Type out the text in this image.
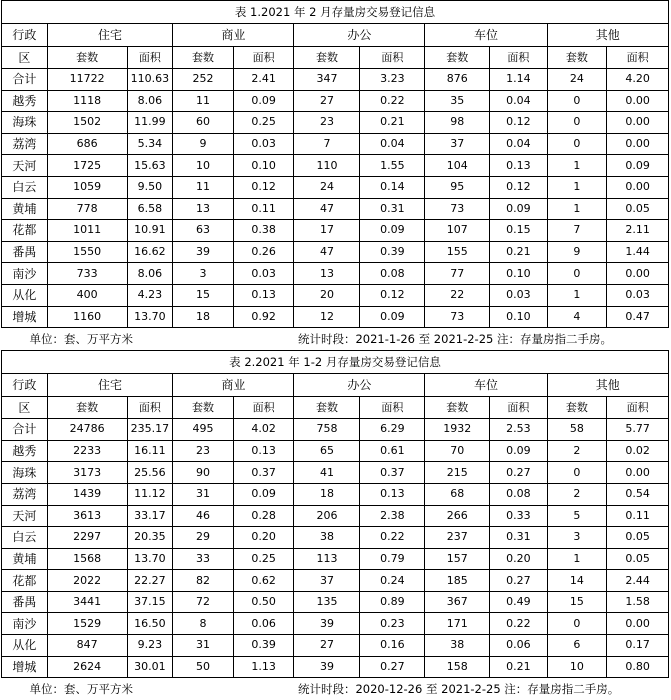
表 1.2021 年 2 月存量房交易登记信息										
行政	住宅		商业		办公		车位		其他	
区	套数	面积	套数	面积	套数	面积	套数	面积	套数	面积
合计	11722	110.63	252	2.41	347	3.23	876	1.14	24	4.20
越秀	1118	8.06	11	0.09	27	0.22	35	0.04	0	0.00
海珠	1502	11.99	60	0.25	23	0.21	98	0.12	0	0.00
荔湾	686	5.34	9	0.03	7	0.04	37	0.04	0	0.00
天河	1725	15.63	10	0.10	110	1.55	104	0.13	1	0.09
白云	1059	9.50	11	0.12	24	0.14	95	0.12	1	0.00
黄埔	778	6.58	13	0.11	47	0.31	73	0.09	1	0.05
花都	1011	10.91	63	0.38	17	0.09	107	0.15	7	2.11
番禺	1550	16.62	39	0.26	47	0.39	155	0.21	9	1.44
南沙	733	8.06	3	0.03	13	0.08	77	0.10	0	0.00
从化	400	4.23	15	0.13	20	0.12	22	0.03	1	0.03
增城	1160	13.70	18	0.92	12	0.09	73	0.10	4	0.47
单位：套、万平方米					统计时段：2021-1-26 至 2021-2-25 注：存量房指二手房。					
表 2.2021 年 1-2 月存量房交易登记信息										
行政	住宅		商业		办公		车位		其他	
区	套数	面积	套数	面积	套数	面积	套数	面积	套数	面积
合计	24786	235.17	495	4.02	758	6.29	1932	2.53	58	5.77
越秀	2233	16.11	23	0.13	65	0.61	70	0.09	2	0.02
海珠	3173	25.56	90	0.37	41	0.37	215	0.27	0	0.00
荔湾	1439	11.12	31	0.09	18	0.13	68	0.08	2	0.54
天河	3613	33.17	46	0.28	206	2.38	266	0.33	5	0.11
白云	2297	20.35	29	0.20	38	0.22	237	0.31	3	0.05
黄埔	1568	13.70	33	0.25	113	0.79	157	0.20	1	0.05
花都	2022	22.27	82	0.62	37	0.24	185	0.27	14	2.44
番禺	3441	37.15	72	0.50	135	0.89	367	0.49	15	1.58
南沙	1529	16.50	8	0.06	39	0.23	171	0.22	0	0.00
从化	847	9.23	31	0.39	27	0.16	38	0.06	6	0.17
增城	2624	30.01	50	1.13	39	0.27	158	0.21	10	0.80
单位：套、万平方米					统计时段：2020-12-26 至 2021-2-25 注：存量房指二手房。					
